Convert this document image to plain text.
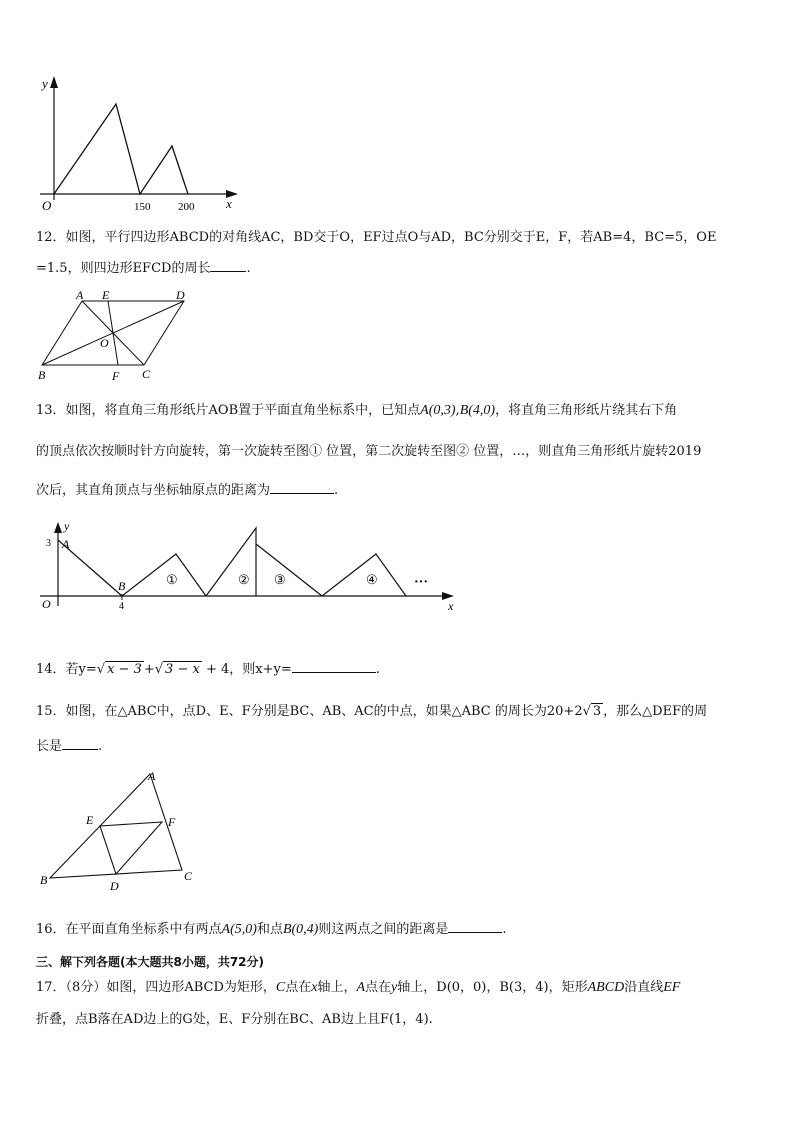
y
x
O	150	200
12．如图，平行四边形ABCD的对角线AC，BD交于O，EF过点O与AD，BC分别交于E，F，若AB=4，BC=5，OE
=1.5，则四边形EFCD的周长	.
A E	D
O
B	F C
13．如图，将直角三角形纸片AOB置于平面直角坐标系中，已知点A(0,3),B(4,0)，将直角三角形纸片绕其右下角
的顶点依次按顺时针方向旋转，第一次旋转至图① 位置，第二次旋转至图② 位置，…，则直角三角形纸片旋转2019
次后，其直角顶点与坐标轴原点的距离为	.
y
3 A
B
4
O	x
①	② ③	④	···
14．若y=√ x − 3 +√ 3 − x + 4，则x+y=	.
15．如图，在△ABC中，点D、E、F分别是BC、AB、AC的中点，如果△ABC 的周长为20+2√ 3 ，那么△DEF的周
长是	.
A
E	F
B	D
C
16．在平面直角坐标系中有两点A(5,0)和点B(0,4)则这两点之间的距离是	.
三、解下列各题(本大题共8小题，共72分)
17．（8分）如图，四边形ABCD为矩形，C点在x轴上，A点在y轴上，D(0，0)，B(3，4)，矩形ABCD沿直线EF
折叠，点B落在AD边上的G处，E、F分别在BC、AB边上且F(1，4).
